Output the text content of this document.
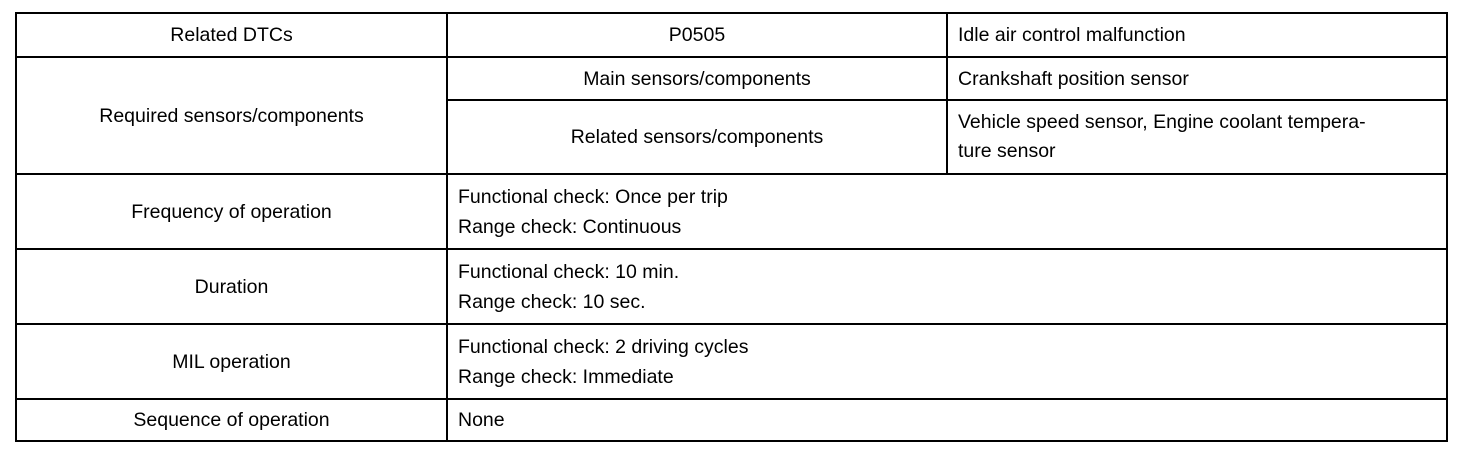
Related DTCs	P0505	Idle air control malfunction
Required sensors/components	Main sensors/components	Crankshaft position sensor
	Related sensors/components	Vehicle speed sensor, Engine coolant tempera-
ture sensor

Frequency of operation	Functional check: Once per trip
Range check: Continuous	

Duration	Functional check: 10 min.
Range check: 10 sec.	

MIL operation	Functional check: 2 driving cycles
Range check: Immediate	

Sequence of operation	None	
